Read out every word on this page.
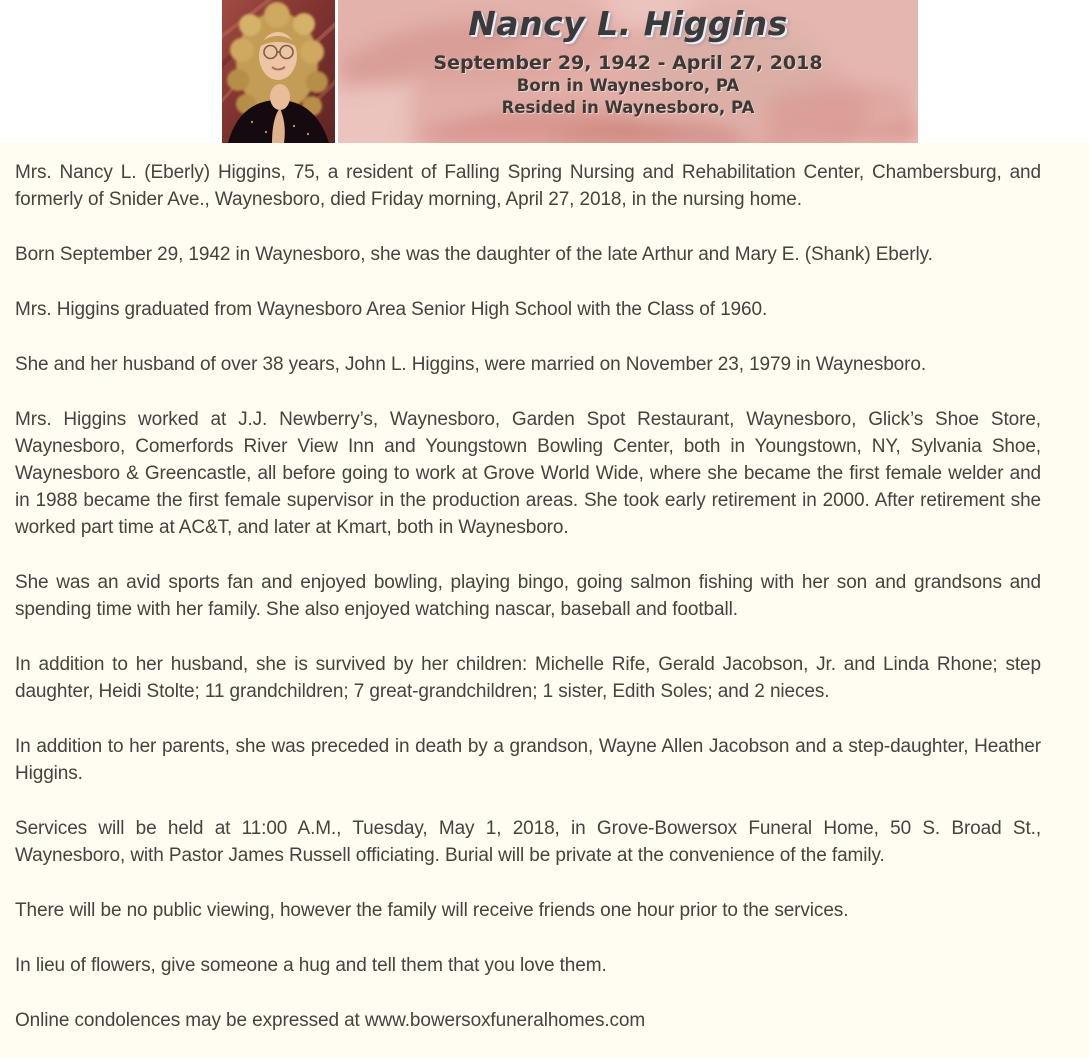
Nancy L. Higgins
September 29, 1942 - April 27, 2018
Born in Waynesboro, PA
Resided in Waynesboro, PA

Mrs. Nancy L. (Eberly) Higgins, 75, a resident of Falling Spring Nursing and Rehabilitation Center, Chambersburg, and formerly of Snider Ave., Waynesboro, died Friday morning, April 27, 2018, in the nursing home.

Born September 29, 1942 in Waynesboro, she was the daughter of the late Arthur and Mary E. (Shank) Eberly.

Mrs. Higgins graduated from Waynesboro Area Senior High School with the Class of 1960.

She and her husband of over 38 years, John L. Higgins, were married on November 23, 1979 in Waynesboro.

Mrs. Higgins worked at J.J. Newberry’s, Waynesboro, Garden Spot Restaurant, Waynesboro, Glick’s Shoe Store, Waynesboro, Comerfords River View Inn and Youngstown Bowling Center, both in Youngstown, NY, Sylvania Shoe, Waynesboro & Greencastle, all before going to work at Grove World Wide, where she became the first female welder and in 1988 became the first female supervisor in the production areas. She took early retirement in 2000. After retirement she worked part time at AC&T, and later at Kmart, both in Waynesboro.

She was an avid sports fan and enjoyed bowling, playing bingo, going salmon fishing with her son and grandsons and spending time with her family. She also enjoyed watching nascar, baseball and football.

In addition to her husband, she is survived by her children: Michelle Rife, Gerald Jacobson, Jr. and Linda Rhone; step daughter, Heidi Stolte; 11 grandchildren; 7 great-grandchildren; 1 sister, Edith Soles; and 2 nieces.

In addition to her parents, she was preceded in death by a grandson, Wayne Allen Jacobson and a step-daughter, Heather Higgins.

Services will be held at 11:00 A.M., Tuesday, May 1, 2018, in Grove-Bowersox Funeral Home, 50 S. Broad St., Waynesboro, with Pastor James Russell officiating. Burial will be private at the convenience of the family.

There will be no public viewing, however the family will receive friends one hour prior to the services.

In lieu of flowers, give someone a hug and tell them that you love them.

Online condolences may be expressed at www.bowersoxfuneralhomes.com
